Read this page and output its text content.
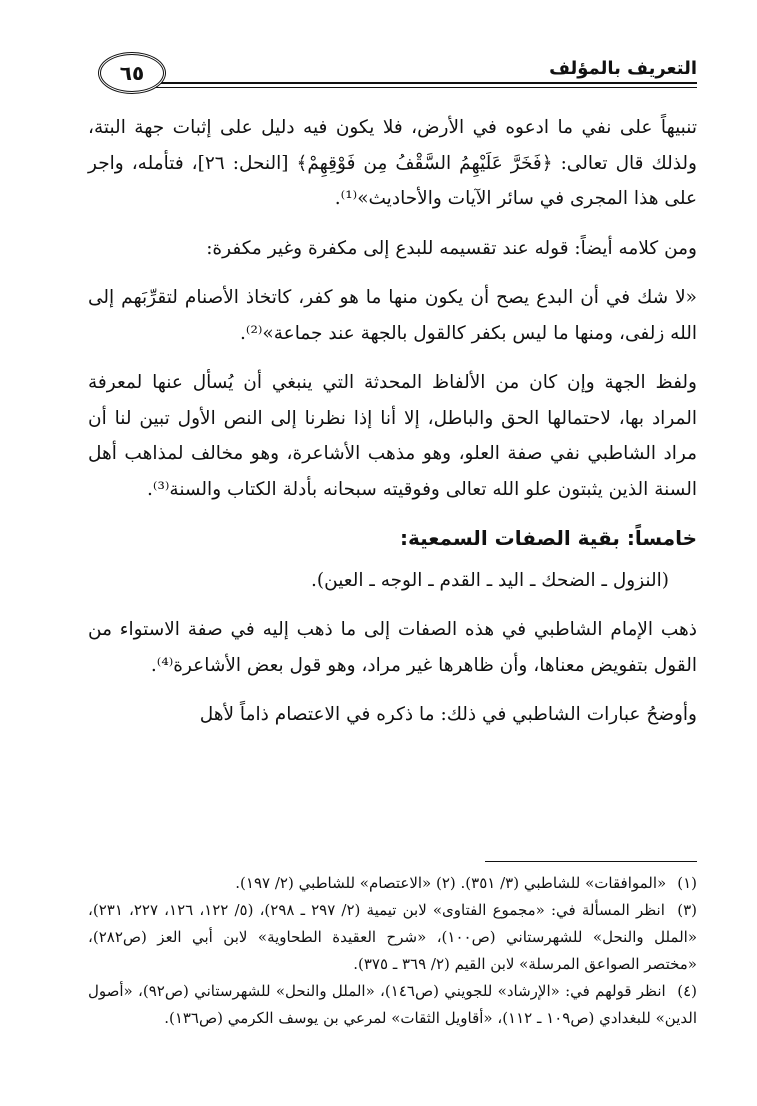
التعريف بالمؤلف
٦٥

تنبيهاً على نفي ما ادعوه في الأرض، فلا يكون فيه دليل على إثبات جهة البتة، ولذلك قال تعالى: ﴿فَخَرَّ عَلَيْهِمُ السَّقْفُ مِن فَوْقِهِمْ﴾ [النحل: ٢٦]، فتأمله، واجر على هذا المجرى في سائر الآيات والأحاديث»⁽¹⁾.

ومن كلامه أيضاً: قوله عند تقسيمه للبدع إلى مكفرة وغير مكفرة:

«لا شك في أن البدع يصح أن يكون منها ما هو كفر، كاتخاذ الأصنام لتقرِّبَهم إلى الله زلفى، ومنها ما ليس بكفر كالقول بالجهة عند جماعة»⁽²⁾.

ولفظ الجهة وإن كان من الألفاظ المحدثة التي ينبغي أن يُسأل عنها لمعرفة المراد بها، لاحتمالها الحق والباطل، إلا أنا إذا نظرنا إلى النص الأول تبين لنا أن مراد الشاطبي نفي صفة العلو، وهو مذهب الأشاعرة، وهو مخالف لمذاهب أهل السنة الذين يثبتون علو الله تعالى وفوقيته سبحانه بأدلة الكتاب والسنة⁽³⁾.

خامساً: بقية الصفات السمعية:

(النزول ـ الضحك ـ اليد ـ القدم ـ الوجه ـ العين).

ذهب الإمام الشاطبي في هذه الصفات إلى ما ذهب إليه في صفة الاستواء من القول بتفويض معناها، وأن ظاهرها غير مراد، وهو قول بعض الأشاعرة⁽⁴⁾.

وأوضحُ عبارات الشاطبي في ذلك: ما ذكره في الاعتصام ذاماً لأهل

(١) «الموافقات» للشاطبي (٣/ ٣٥١). (٢) «الاعتصام» للشاطبي (٢/ ١٩٧).

(٣) انظر المسألة في: «مجموع الفتاوى» لابن تيمية (٢/ ٢٩٧ ـ ٢٩٨)، (٥/ ١٢٢، ١٢٦، ٢٢٧، ٢٣١)، «الملل والنحل» للشهرستاني (ص١٠٠)، «شرح العقيدة الطحاوية» لابن أبي العز (ص٢٨٢)، «مختصر الصواعق المرسلة» لابن القيم (٢/ ٣٦٩ ـ ٣٧٥).

(٤) انظر قولهم في: «الإرشاد» للجويني (ص١٤٦)، «الملل والنحل» للشهرستاني (ص٩٢)، «أصول الدين» للبغدادي (ص١٠٩ ـ ١١٢)، «أقاويل الثقات» لمرعي بن يوسف الكرمي (ص١٣٦).
